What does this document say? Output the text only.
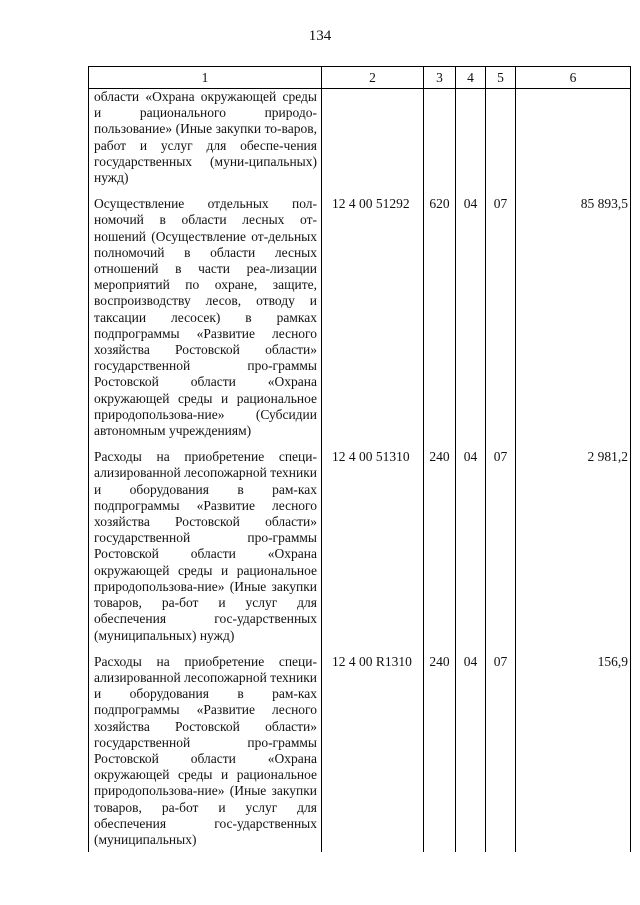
134
1	2	3	4	5	6
области «Охрана окружающей среды и рационального природо-пользование» (Иные закупки то-варов, работ и услуг для обеспе-чения государственных (муни-ципальных) нужд)					
Осуществление отдельных пол-номочий в области лесных от-ношений (Осуществление от-дельных полномочий в области лесных отношений в части реа-лизации мероприятий по охране, защите, воспроизводству лесов, отводу и таксации лесосек) в рамках подпрограммы «Развитие лесного хозяйства Ростовской области» государственной про-граммы Ростовской области «Охрана окружающей среды и рациональное природопользова-ние» (Субсидии автономным учреждениям)	12 4 00 51292	620	04	07	85 893,5
Расходы на приобретение специ-ализированной лесопожарной техники и оборудования в рам-ках подпрограммы «Развитие лесного хозяйства Ростовской области» государственной про-граммы Ростовской области «Охрана окружающей среды и рациональное природопользова-ние» (Иные закупки товаров, ра-бот и услуг для обеспечения гос-ударственных (муниципальных) нужд)	12 4 00 51310	240	04	07	2 981,2
Расходы на приобретение специ-ализированной лесопожарной техники и оборудования в рам-ках подпрограммы «Развитие лесного хозяйства Ростовской области» государственной про-граммы Ростовской области «Охрана окружающей среды и рациональное природопользова-ние» (Иные закупки товаров, ра-бот и услуг для обеспечения гос-ударственных (муниципальных)	12 4 00 R1310	240	04	07	156,9
